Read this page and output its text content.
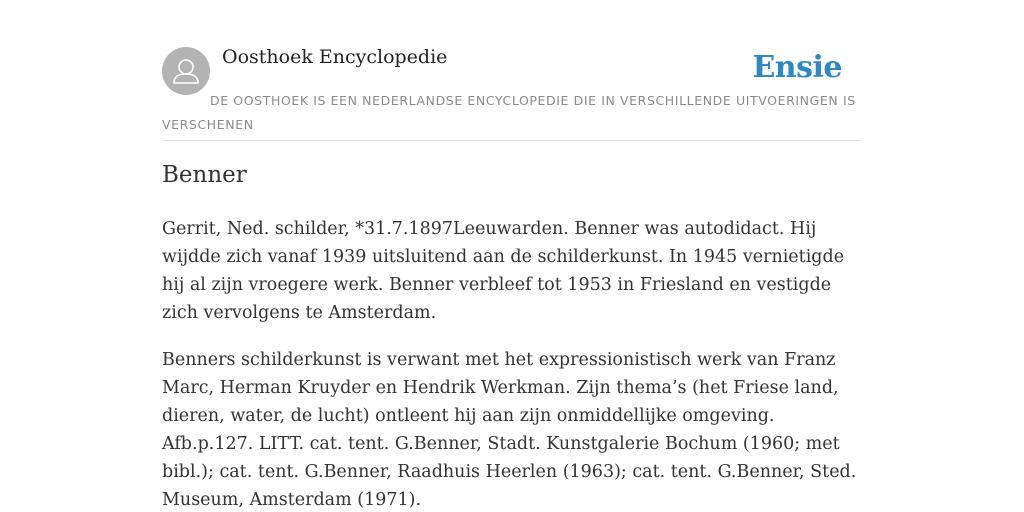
Oosthoek Encyclopedie	Ensie
DE OOSTHOEK IS EEN NEDERLANDSE ENCYCLOPEDIE DIE IN VERSCHILLENDE UITVOERINGEN IS VERSCHENEN
Benner

Gerrit, Ned. schilder, *31.7.1897Leeuwarden. Benner was autodidact. Hij wijdde zich vanaf 1939 uitsluitend aan de schilderkunst. In 1945 vernietigde hij al zijn vroegere werk. Benner verbleef tot 1953 in Friesland en vestigde zich vervolgens te Amsterdam.

Benners schilderkunst is verwant met het expressionistisch werk van Franz Marc, Herman Kruyder en Hendrik Werkman. Zijn thema’s (het Friese land, dieren, water, de lucht) ontleent hij aan zijn onmiddellijke omgeving. Afb.p.127. LITT. cat. tent. G.Benner, Stadt. Kunstgalerie Bochum (1960; met bibl.); cat. tent. G.Benner, Raadhuis Heerlen (1963); cat. tent. G.Benner, Sted. Museum, Amsterdam (1971).
